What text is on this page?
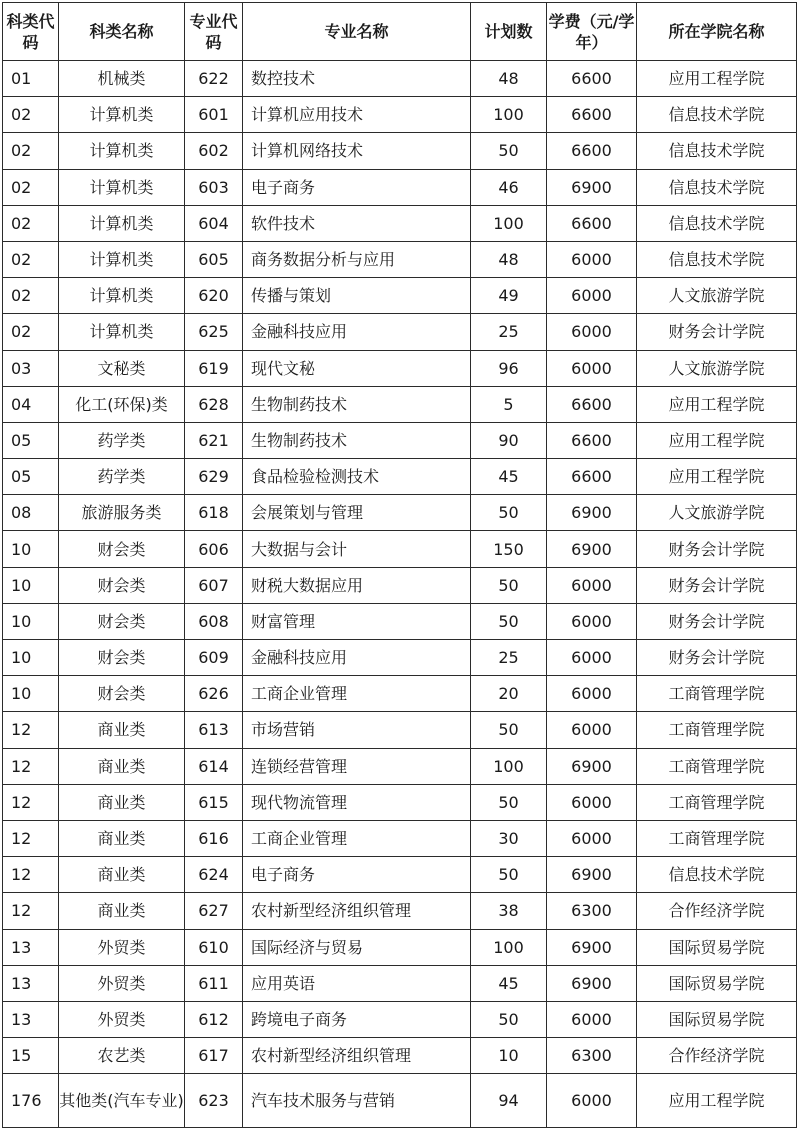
科类代码	科类名称	专业代码	专业名称	计划数	学费（元/学年）	所在学院名称
01	机械类	622	数控技术	48	6600	应用工程学院
02	计算机类	601	计算机应用技术	100	6600	信息技术学院
02	计算机类	602	计算机网络技术	50	6600	信息技术学院
02	计算机类	603	电子商务	46	6900	信息技术学院
02	计算机类	604	软件技术	100	6600	信息技术学院
02	计算机类	605	商务数据分析与应用	48	6000	信息技术学院
02	计算机类	620	传播与策划	49	6000	人文旅游学院
02	计算机类	625	金融科技应用	25	6000	财务会计学院
03	文秘类	619	现代文秘	96	6000	人文旅游学院
04	化工(环保)类	628	生物制药技术	5	6600	应用工程学院
05	药学类	621	生物制药技术	90	6600	应用工程学院
05	药学类	629	食品检验检测技术	45	6600	应用工程学院
08	旅游服务类	618	会展策划与管理	50	6900	人文旅游学院
10	财会类	606	大数据与会计	150	6900	财务会计学院
10	财会类	607	财税大数据应用	50	6000	财务会计学院
10	财会类	608	财富管理	50	6000	财务会计学院
10	财会类	609	金融科技应用	25	6000	财务会计学院
10	财会类	626	工商企业管理	20	6000	工商管理学院
12	商业类	613	市场营销	50	6000	工商管理学院
12	商业类	614	连锁经营管理	100	6900	工商管理学院
12	商业类	615	现代物流管理	50	6000	工商管理学院
12	商业类	616	工商企业管理	30	6000	工商管理学院
12	商业类	624	电子商务	50	6900	信息技术学院
12	商业类	627	农村新型经济组织管理	38	6300	合作经济学院
13	外贸类	610	国际经济与贸易	100	6900	国际贸易学院
13	外贸类	611	应用英语	45	6900	国际贸易学院
13	外贸类	612	跨境电子商务	50	6000	国际贸易学院
15	农艺类	617	农村新型经济组织管理	10	6300	合作经济学院
176	其他类(汽车专业)	623	汽车技术服务与营销	94	6000	应用工程学院
